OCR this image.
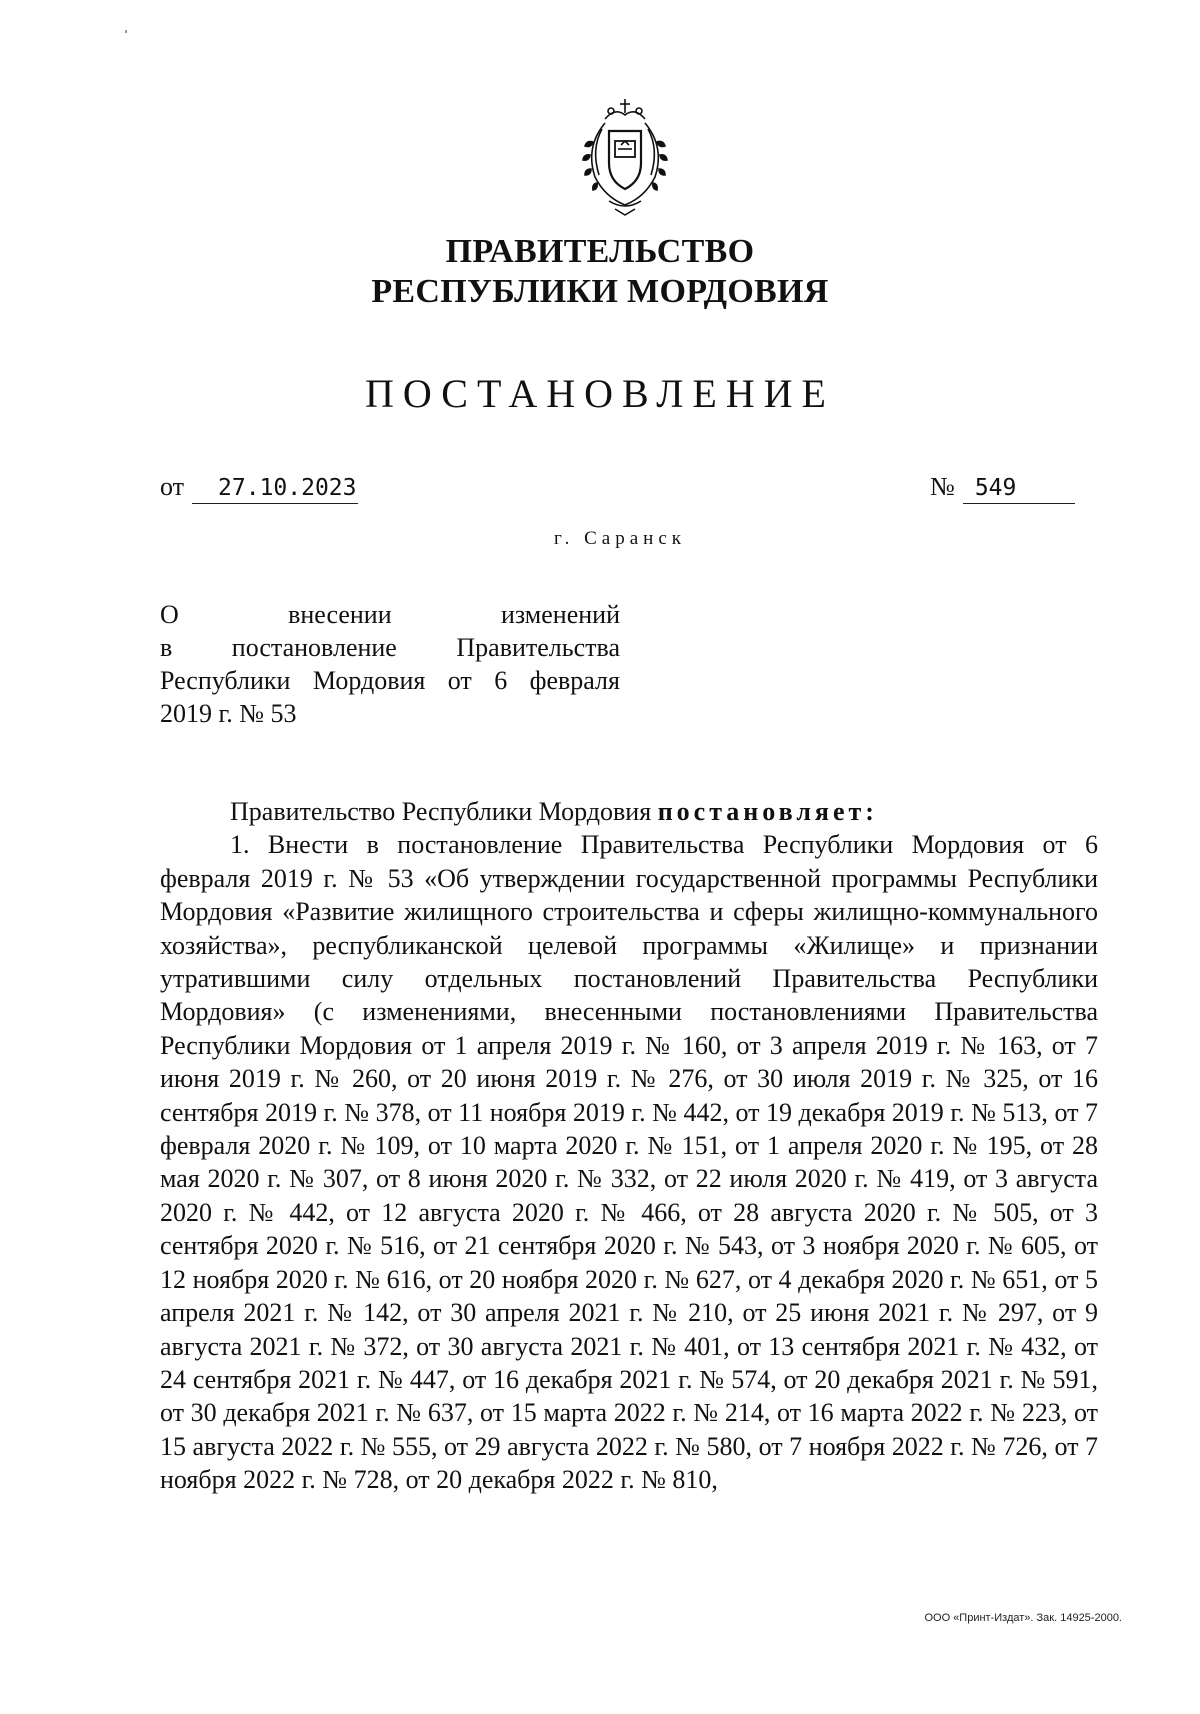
ПРАВИТЕЛЬСТВО
РЕСПУБЛИКИ МОРДОВИЯ
ПОСТАНОВЛЕНИЕ
от 27.10.2023	№ 549
г. Саранск
О внесении изменений
в постановление Правительства
Республики Мордовия от 6 февраля
2019 г. № 53
Правительство Республики Мордовия постановляет:
1. Внести в постановление Правительства Республики Мордовия от 6 февраля 2019 г. № 53 «Об утверждении государственной программы Республики Мордовия «Развитие жилищного строительства и сферы жилищно-коммунального хозяйства», республиканской целевой программы «Жилище» и признании утратившими силу отдельных постановлений Правительства Республики Мордовия» (с изменениями, внесенными постановлениями Правительства Республики Мордовия от 1 апреля 2019 г. № 160, от 3 апреля 2019 г. № 163, от 7 июня 2019 г. № 260, от 20 июня 2019 г. № 276, от 30 июля 2019 г. № 325, от 16 сентября 2019 г. № 378, от 11 ноября 2019 г. № 442, от 19 декабря 2019 г. № 513, от 7 февраля 2020 г. № 109, от 10 марта 2020 г. № 151, от 1 апреля 2020 г. № 195, от 28 мая 2020 г. № 307, от 8 июня 2020 г. № 332, от 22 июля 2020 г. № 419, от 3 августа 2020 г. № 442, от 12 августа 2020 г. № 466, от 28 августа 2020 г. № 505, от 3 сентября 2020 г. № 516, от 21 сентября 2020 г. № 543, от 3 ноября 2020 г. № 605, от 12 ноября 2020 г. № 616, от 20 ноября 2020 г. № 627, от 4 декабря 2020 г. № 651, от 5 апреля 2021 г. № 142, от 30 апреля 2021 г. № 210, от 25 июня 2021 г. № 297, от 9 августа 2021 г. № 372, от 30 августа 2021 г. № 401, от 13 сентября 2021 г. № 432, от 24 сентября 2021 г. № 447, от 16 декабря 2021 г. № 574, от 20 декабря 2021 г. № 591, от 30 декабря 2021 г. № 637, от 15 марта 2022 г. № 214, от 16 марта 2022 г. № 223, от 15 августа 2022 г. № 555, от 29 августа 2022 г. № 580, от 7 ноября 2022 г. № 726, от 7 ноября 2022 г. № 728, от 20 декабря 2022 г. № 810,
ООО «Принт-Издат». Зак. 14925-2000.
